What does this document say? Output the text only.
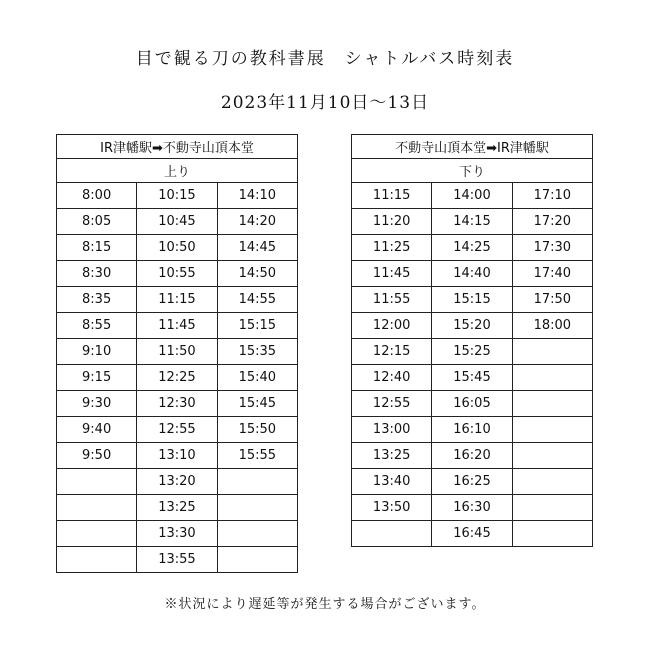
目で観る刀の教科書展　シャトルバス時刻表
2023年11月10日～13日
IR津幡駅➡不動寺山頂本堂		
上り		
8:00	10:15	14:10
8:05	10:45	14:20
8:15	10:50	14:45
8:30	10:55	14:50
8:35	11:15	14:55
8:55	11:45	15:15
9:10	11:50	15:35
9:15	12:25	15:40
9:30	12:30	15:45
9:40	12:55	15:50
9:50	13:10	15:55
	13:20	
	13:25	
	13:30	
	13:55	
不動寺山頂本堂➡IR津幡駅		
下り		
11:15	14:00	17:10
11:20	14:15	17:20
11:25	14:25	17:30
11:45	14:40	17:40
11:55	15:15	17:50
12:00	15:20	18:00
12:15	15:25	
12:40	15:45	
12:55	16:05	
13:00	16:10	
13:25	16:20	
13:40	16:25	
13:50	16:30	
	16:45	
※状況により遅延等が発生する場合がございます。
